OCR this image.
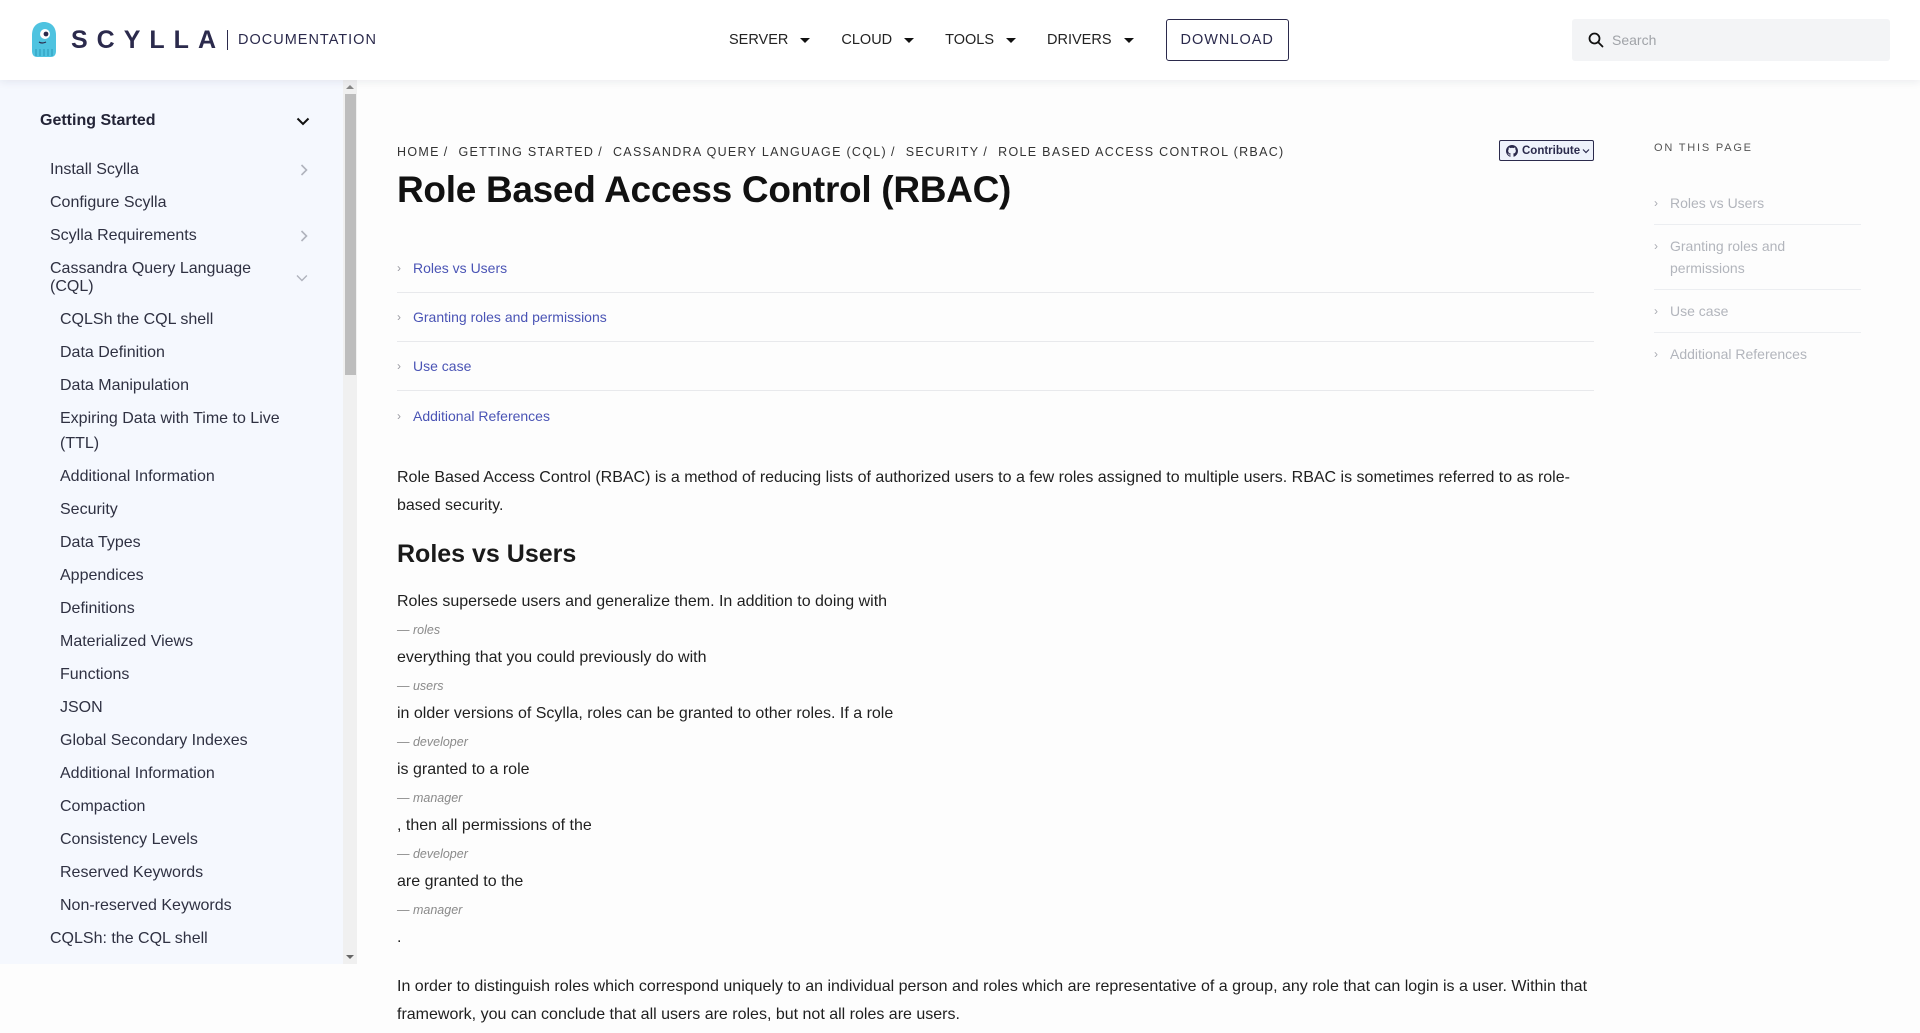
SCYLLA DOCUMENTATION	SERVER	CLOUD	TOOLS	DRIVERS	DOWNLOAD
Search
Getting Started
Install Scylla
Configure Scylla
Scylla Requirements
Cassandra Query Language (CQL)
CQLSh the CQL shell
Data Definition
Data Manipulation
Expiring Data with Time to Live (TTL)
Additional Information
Security
Data Types
Appendices
Definitions
Materialized Views
Functions
JSON
Global Secondary Indexes
Additional Information
Compaction
Consistency Levels
Reserved Keywords
Non-reserved Keywords
CQLSh: the CQL shell
HOME / GETTING STARTED / CASSANDRA QUERY LANGUAGE (CQL) / SECURITY / ROLE BASED ACCESS CONTROL (RBAC)	Contribute
Role Based Access Control (RBAC)
› Roles vs Users
› Granting roles and permissions
› Use case
› Additional References
Role Based Access Control (RBAC) is a method of reducing lists of authorized users to a few roles assigned to multiple users. RBAC is sometimes referred to as role-
based security.
Roles vs Users
Roles supersede users and generalize them. In addition to doing with
— roles
everything that you could previously do with
— users
in older versions of Scylla, roles can be granted to other roles. If a role
— developer
is granted to a role
— manager
, then all permissions of the
— developer
are granted to the
— manager
.
In order to distinguish roles which correspond uniquely to an individual person and roles which are representative of a group, any role that can login is a user. Within that
framework, you can conclude that all users are roles, but not all roles are users.
ON THIS PAGE
› Roles vs Users
› Granting roles and permissions
› Use case
› Additional References
